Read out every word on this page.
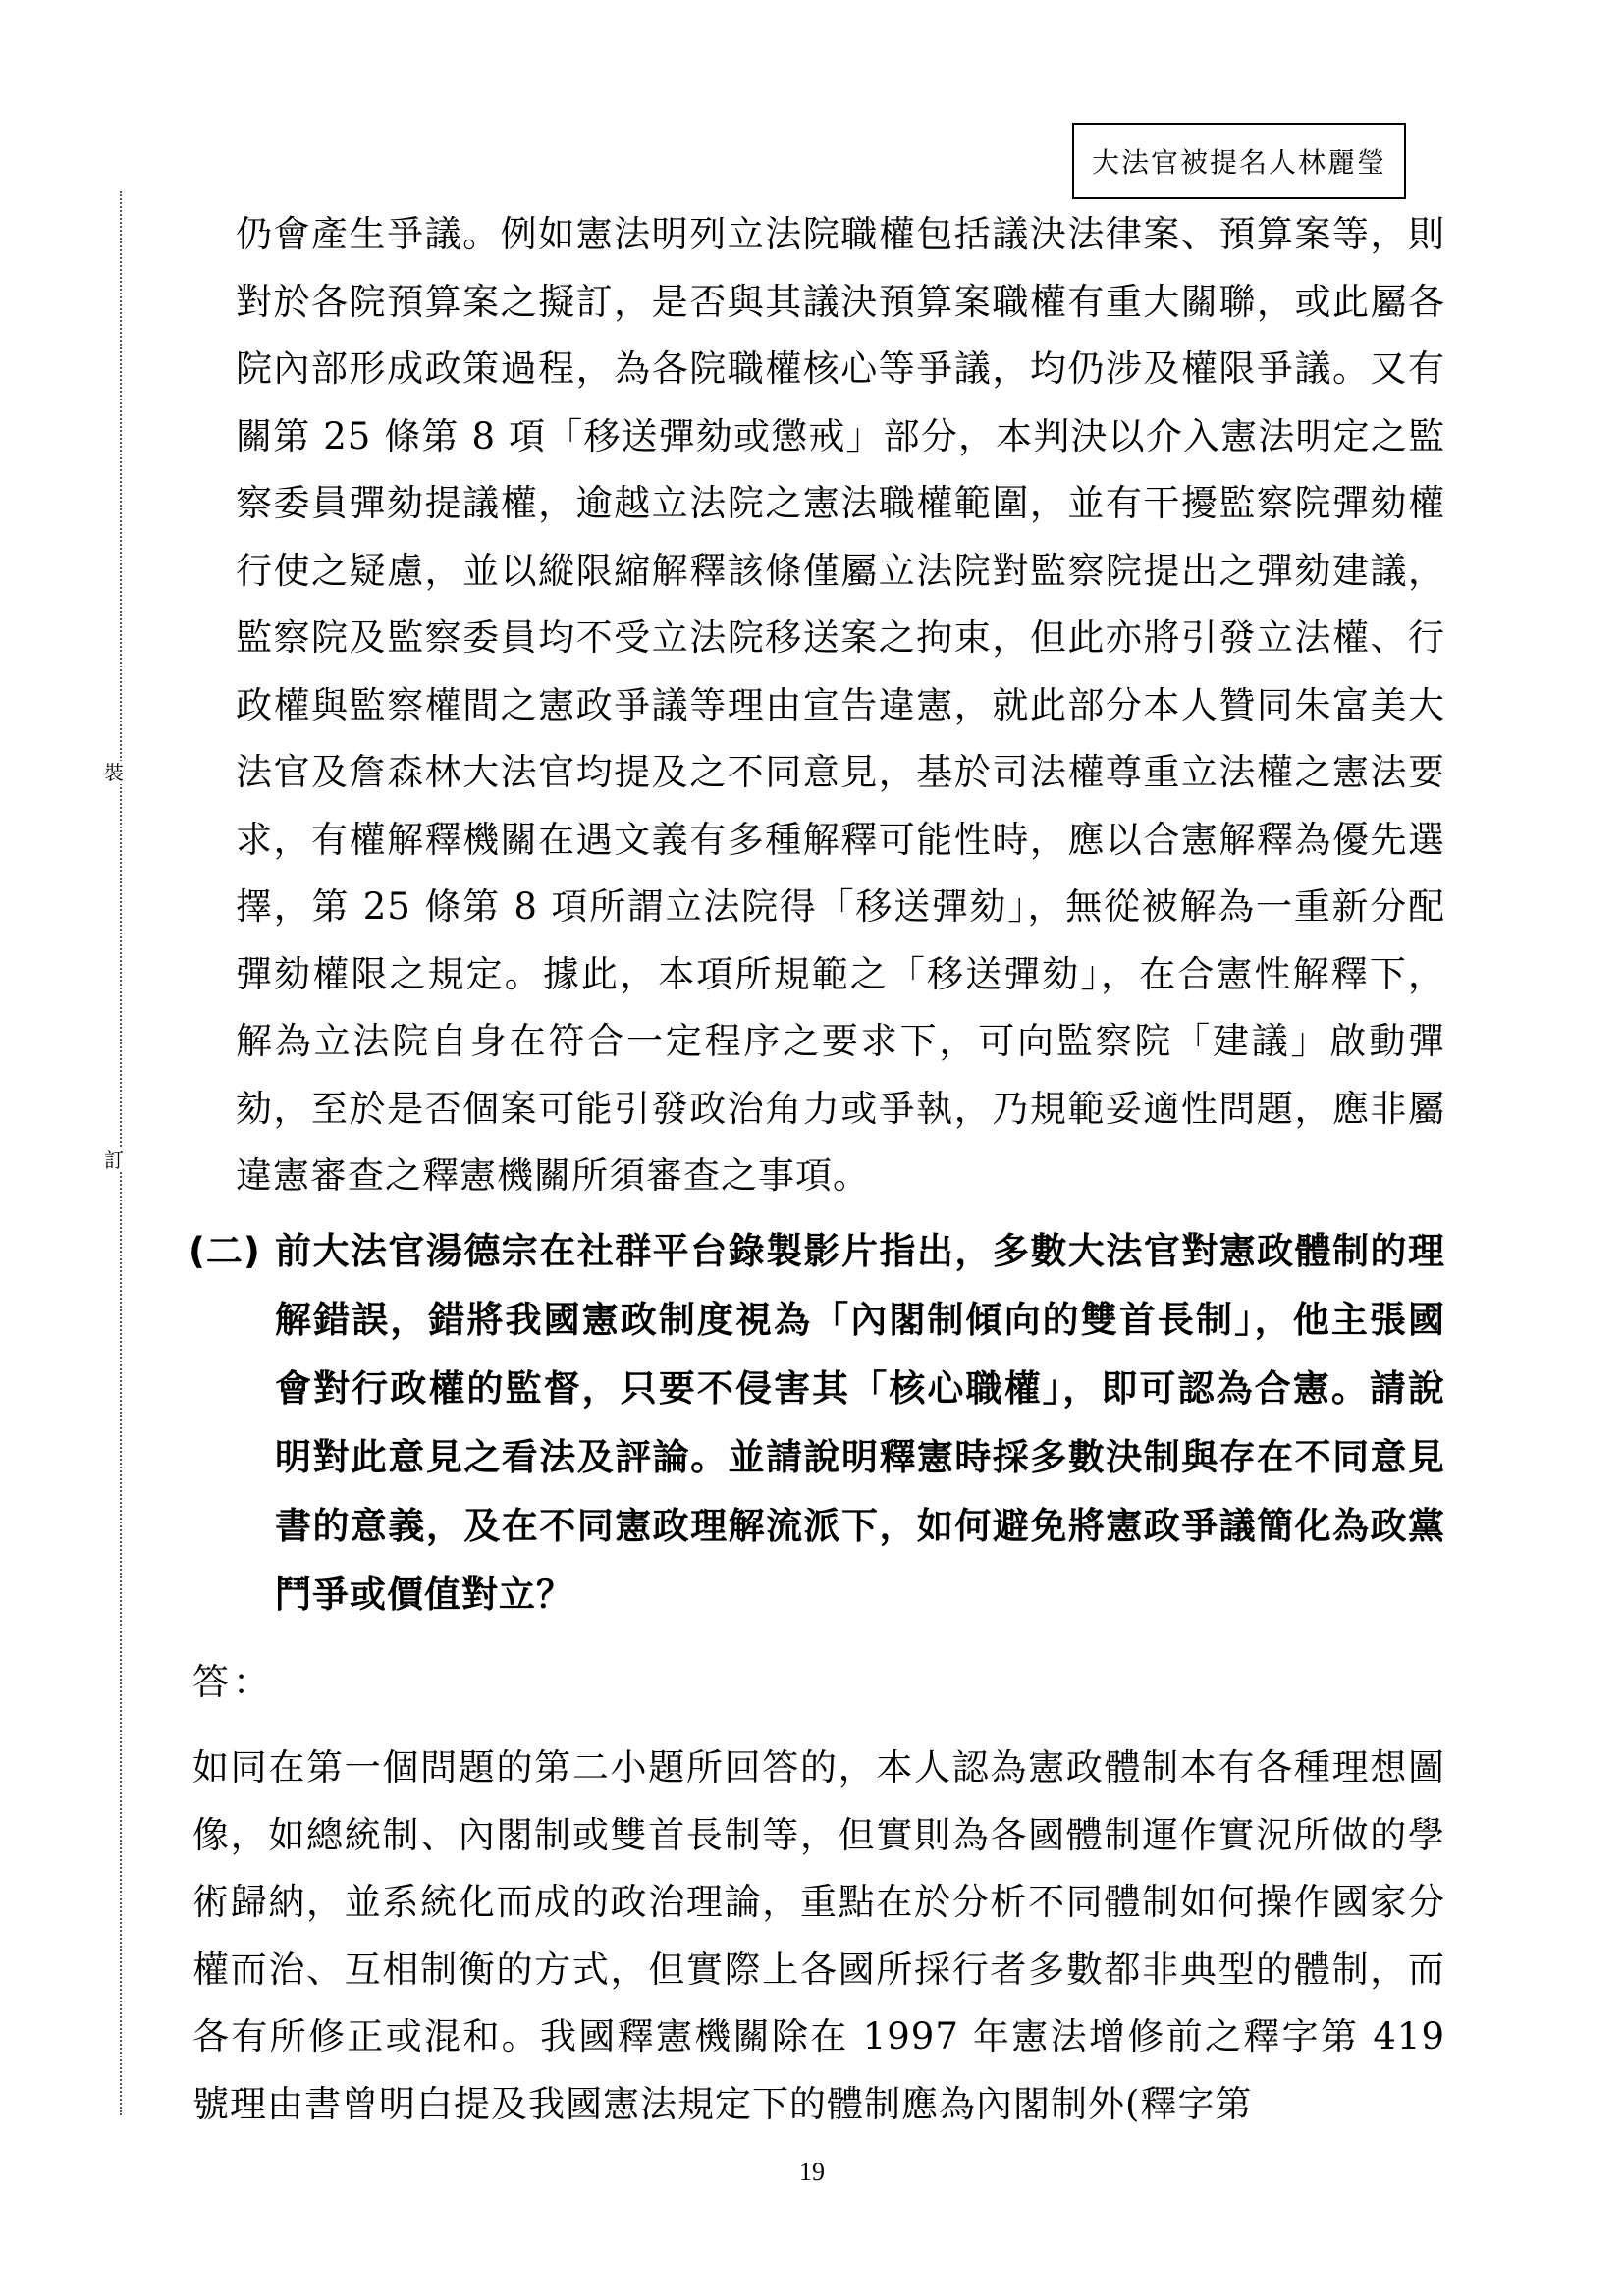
大法官被提名人林麗瑩
裝
訂

仍會產生爭議。例如憲法明列立法院職權包括議決法律案、預算案等，則對於各院預算案之擬訂，是否與其議決預算案職權有重大關聯，或此屬各院內部形成政策過程，為各院職權核心等爭議，均仍涉及權限爭議。又有關第 25 條第 8 項「移送彈劾或懲戒」部分，本判決以介入憲法明定之監察委員彈劾提議權，逾越立法院之憲法職權範圍，並有干擾監察院彈劾權行使之疑慮，並以縱限縮解釋該條僅屬立法院對監察院提出之彈劾建議，監察院及監察委員均不受立法院移送案之拘束，但此亦將引發立法權、行政權與監察權間之憲政爭議等理由宣告違憲，就此部分本人贊同朱富美大法官及詹森林大法官均提及之不同意見，基於司法權尊重立法權之憲法要求，有權解釋機關在遇文義有多種解釋可能性時，應以合憲解釋為優先選擇，第 25 條第 8 項所謂立法院得「移送彈劾」，無從被解為一重新分配彈劾權限之規定。據此，本項所規範之「移送彈劾」，在合憲性解釋下，解為立法院自身在符合一定程序之要求下，可向監察院「建議」啟動彈劾，至於是否個案可能引發政治角力或爭執，乃規範妥適性問題，應非屬違憲審查之釋憲機關所須審查之事項。

(二) 前大法官湯德宗在社群平台錄製影片指出，多數大法官對憲政體制的理解錯誤，錯將我國憲政制度視為「內閣制傾向的雙首長制」，他主張國會對行政權的監督，只要不侵害其「核心職權」，即可認為合憲。請說明對此意見之看法及評論。並請說明釋憲時採多數決制與存在不同意見書的意義，及在不同憲政理解流派下，如何避免將憲政爭議簡化為政黨鬥爭或價值對立？
答：

如同在第一個問題的第二小題所回答的，本人認為憲政體制本有各種理想圖像，如總統制、內閣制或雙首長制等，但實則為各國體制運作實況所做的學術歸納，並系統化而成的政治理論，重點在於分析不同體制如何操作國家分權而治、互相制衡的方式，但實際上各國所採行者多數都非典型的體制，而各有所修正或混和。我國釋憲機關除在 1997 年憲法增修前之釋字第 419 號理由書曾明白提及我國憲法規定下的體制應為內閣制外(釋字第

19
